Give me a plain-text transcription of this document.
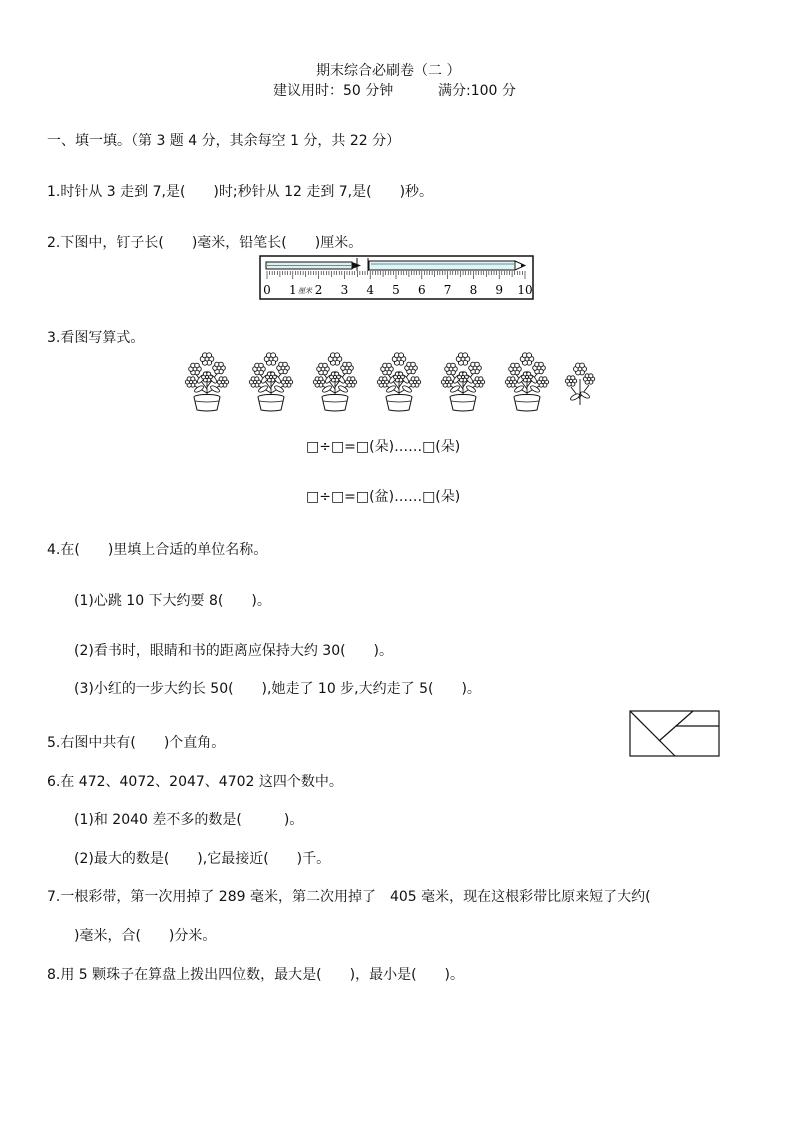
期末综合必刷卷（二 ）
建议用时：50 分钟	满分:100 分
一、填一填。（第 3 题 4 分，其余每空 1 分，共 22 分）
1.时针从 3 走到 7,是(　　)时;秒针从 12 走到 7,是(　　)秒。
2.下图中，钉子长(　　)毫米，铅笔长(　　)厘米。
0 1 2 3 4 5 6 7 8 9 10
厘米
3.看图写算式。
□÷□=□(朵)……□(朵)
□÷□=□(盆)……□(朵)
4.在(　　)里填上合适的单位名称。
(1)心跳 10 下大约要 8(　　)。
(2)看书时，眼睛和书的距离应保持大约 30(　　)。
(3)小红的一步大约长 50(　　),她走了 10 步,大约走了 5(　　)。
5.右图中共有(　　)个直角。
6.在 472、4072、2047、4702 这四个数中。
(1)和 2040 差不多的数是(　　　)。
(2)最大的数是(　　),它最接近(　　)千。
7.一根彩带，第一次用掉了 289 毫米，第二次用掉了　405 毫米，现在这根彩带比原来短了大约(
)毫米，合(　　)分米。
8.用 5 颗珠子在算盘上拨出四位数，最大是(　　)，最小是(　　)。
